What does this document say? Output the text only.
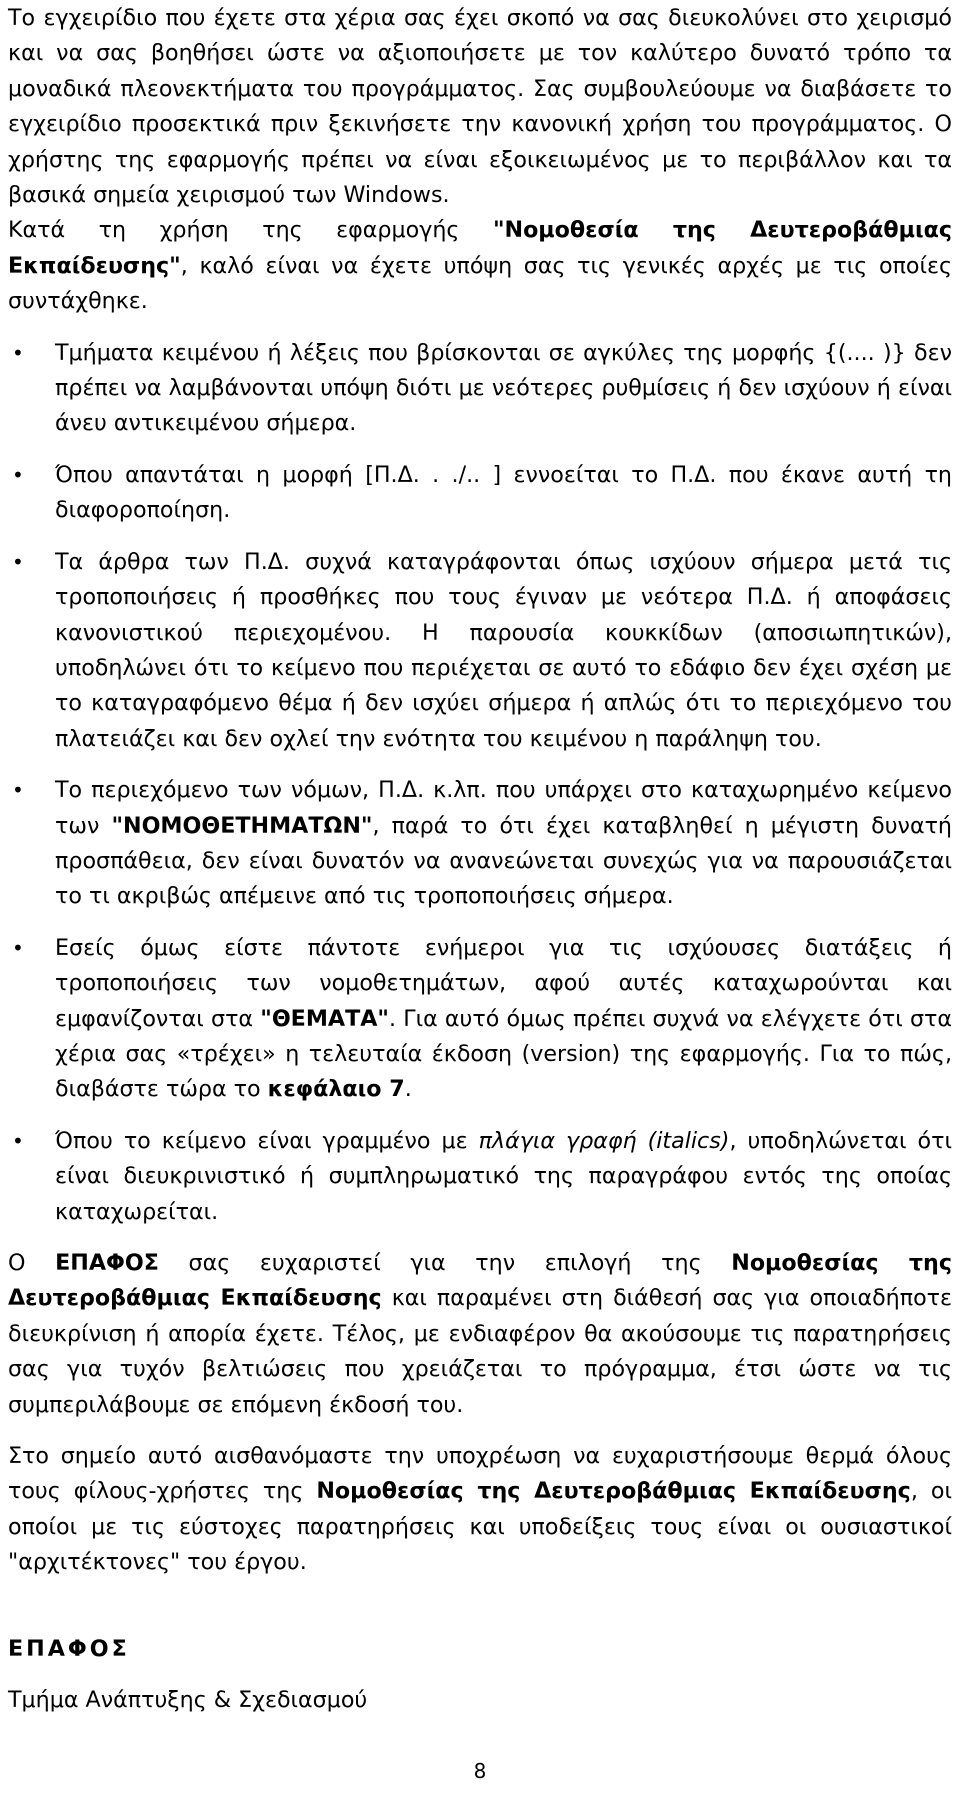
Το εγχειρίδιο που έχετε στα χέρια σας έχει σκοπό να σας διευκολύνει στο χειρισμό και να σας βοηθήσει ώστε να αξιοποιήσετε με τον καλύτερο δυνατό τρόπο τα μοναδικά πλεονεκτήματα του προγράμματος. Σας συμβουλεύουμε να διαβάσετε το εγχειρίδιο προσεκτικά πριν ξεκινήσετε την κανονική χρήση του προγράμματος. Ο χρήστης της εφαρμογής πρέπει να είναι εξοικειωμένος με το περιβάλλον και τα βασικά σημεία χειρισμού των Windows.
Κατά τη χρήση της εφαρμογής "Νομοθεσία της Δευτεροβάθμιας Εκπαίδευσης", καλό είναι να έχετε υπόψη σας τις γενικές αρχές με τις οποίες συντάχθηκε.

• Τμήματα κειμένου ή λέξεις που βρίσκονται σε αγκύλες της μορφής {(.... )} δεν πρέπει να λαμβάνονται υπόψη διότι με νεότερες ρυθμίσεις ή δεν ισχύουν ή είναι άνευ αντικειμένου σήμερα.
• Όπου απαντάται η μορφή [Π.Δ. . ./.. ] εννοείται το Π.Δ. που έκανε αυτή τη διαφοροποίηση.
• Τα άρθρα των Π.Δ. συχνά καταγράφονται όπως ισχύουν σήμερα μετά τις τροποποιήσεις ή προσθήκες που τους έγιναν με νεότερα Π.Δ. ή αποφάσεις κανονιστικού περιεχομένου. Η παρουσία κουκκίδων (αποσιωπητικών), υποδηλώνει ότι το κείμενο που περιέχεται σε αυτό το εδάφιο δεν έχει σχέση με το καταγραφόμενο θέμα ή δεν ισχύει σήμερα ή απλώς ότι το περιεχόμενο του πλατειάζει και δεν οχλεί την ενότητα του κειμένου η παράληψη του.
• Το περιεχόμενο των νόμων, Π.Δ. κ.λπ. που υπάρχει στο καταχωρημένο κείμενο των "ΝΟΜΟΘΕΤΗΜΑΤΩΝ", παρά το ότι έχει καταβληθεί η μέγιστη δυνατή προσπάθεια, δεν είναι δυνατόν να ανανεώνεται συνεχώς για να παρουσιάζεται το τι ακριβώς απέμεινε από τις τροποποιήσεις σήμερα.
• Εσείς όμως είστε πάντοτε ενήμεροι για τις ισχύουσες διατάξεις ή τροποποιήσεις των νομοθετημάτων, αφού αυτές καταχωρούνται και εμφανίζονται στα "ΘΕΜΑΤΑ". Για αυτό όμως πρέπει συχνά να ελέγχετε ότι στα χέρια σας «τρέχει» η τελευταία έκδοση (version) της εφαρμογής. Για το πώς, διαβάστε τώρα το κεφάλαιο 7.
• Όπου το κείμενο είναι γραμμένο με πλάγια γραφή (italics), υποδηλώνεται ότι είναι διευκρινιστικό ή συμπληρωματικό της παραγράφου εντός της οποίας καταχωρείται.

Ο ΕΠΑΦΟΣ σας ευχαριστεί για την επιλογή της Νομοθεσίας της Δευτεροβάθμιας Εκπαίδευσης και παραμένει στη διάθεσή σας για οποιαδήποτε διευκρίνιση ή απορία έχετε. Τέλος, με ενδιαφέρον θα ακούσουμε τις παρατηρήσεις σας για τυχόν βελτιώσεις που χρειάζεται το πρόγραμμα, έτσι ώστε να τις συμπεριλάβουμε σε επόμενη έκδοσή του.

Στο σημείο αυτό αισθανόμαστε την υποχρέωση να ευχαριστήσουμε θερμά όλους τους φίλους-χρήστες της Νομοθεσίας της Δευτεροβάθμιας Εκπαίδευσης, οι οποίοι με τις εύστοχες παρατηρήσεις και υποδείξεις τους είναι οι ουσιαστικοί "αρχιτέκτονες" του έργου.

ΕΠΑΦΟΣ

Τμήμα Ανάπτυξης & Σχεδιασμού

8
